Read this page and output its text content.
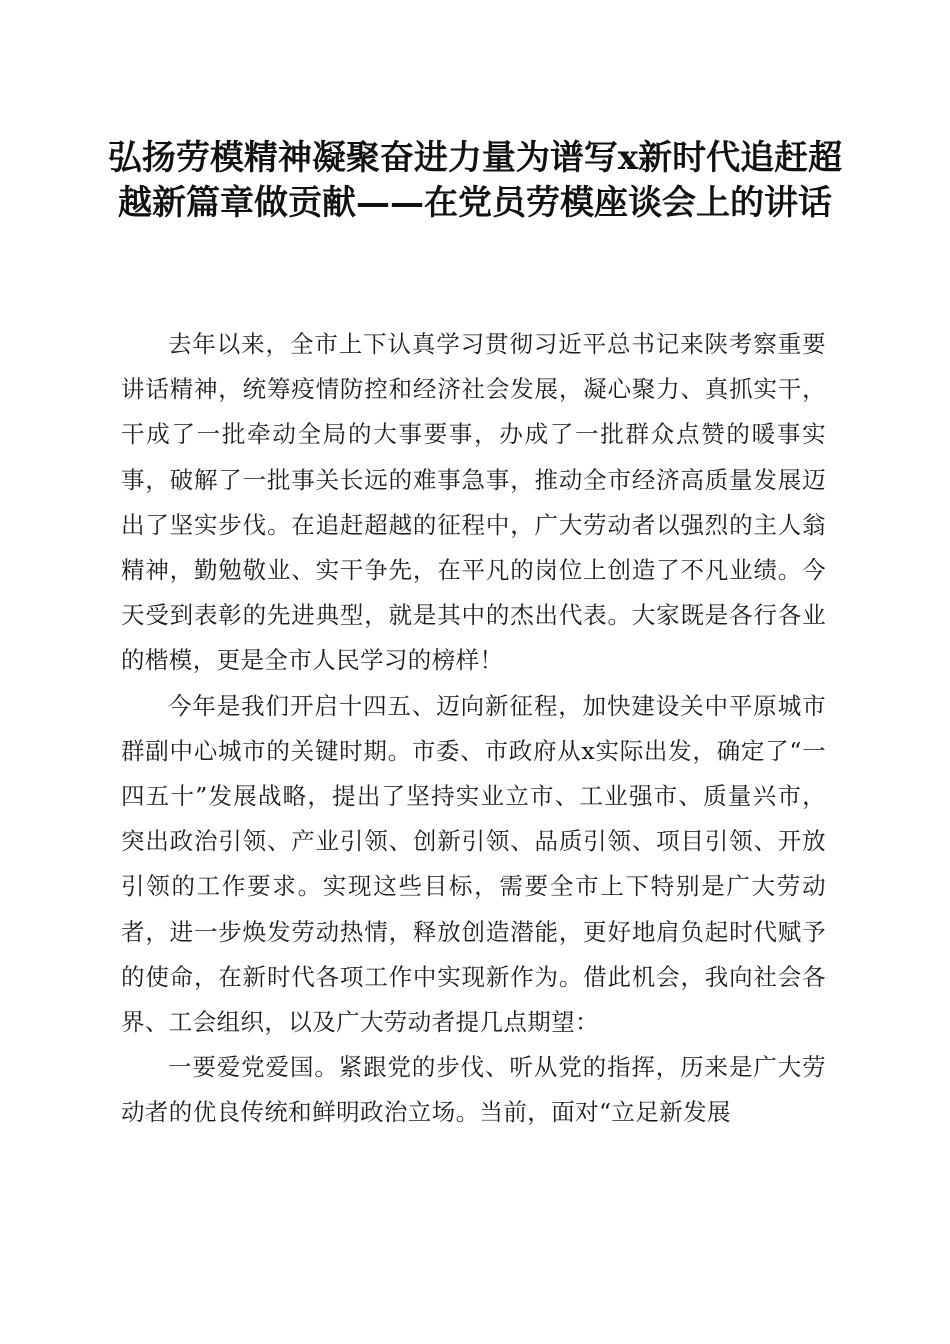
弘扬劳模精神凝聚奋进力量为谱写x新时代追赶超越新篇章做贡献——在党员劳模座谈会上的讲话

去年以来，全市上下认真学习贯彻习近平总书记来陕考察重要讲话精神，统筹疫情防控和经济社会发展，凝心聚力、真抓实干，干成了一批牵动全局的大事要事，办成了一批群众点赞的暖事实事，破解了一批事关长远的难事急事，推动全市经济高质量发展迈出了坚实步伐。在追赶超越的征程中，广大劳动者以强烈的主人翁精神，勤勉敬业、实干争先，在平凡的岗位上创造了不凡业绩。今天受到表彰的先进典型，就是其中的杰出代表。大家既是各行各业的楷模，更是全市人民学习的榜样！

今年是我们开启十四五、迈向新征程，加快建设关中平原城市群副中心城市的关键时期。市委、市政府从x实际出发，确定了“一四五十”发展战略，提出了坚持实业立市、工业强市、质量兴市，突出政治引领、产业引领、创新引领、品质引领、项目引领、开放引领的工作要求。实现这些目标，需要全市上下特别是广大劳动者，进一步焕发劳动热情，释放创造潜能，更好地肩负起时代赋予的使命，在新时代各项工作中实现新作为。借此机会，我向社会各界、工会组织，以及广大劳动者提几点期望：

一要爱党爱国。紧跟党的步伐、听从党的指挥，历来是广大劳动者的优良传统和鲜明政治立场。当前，面对“立足新发展
